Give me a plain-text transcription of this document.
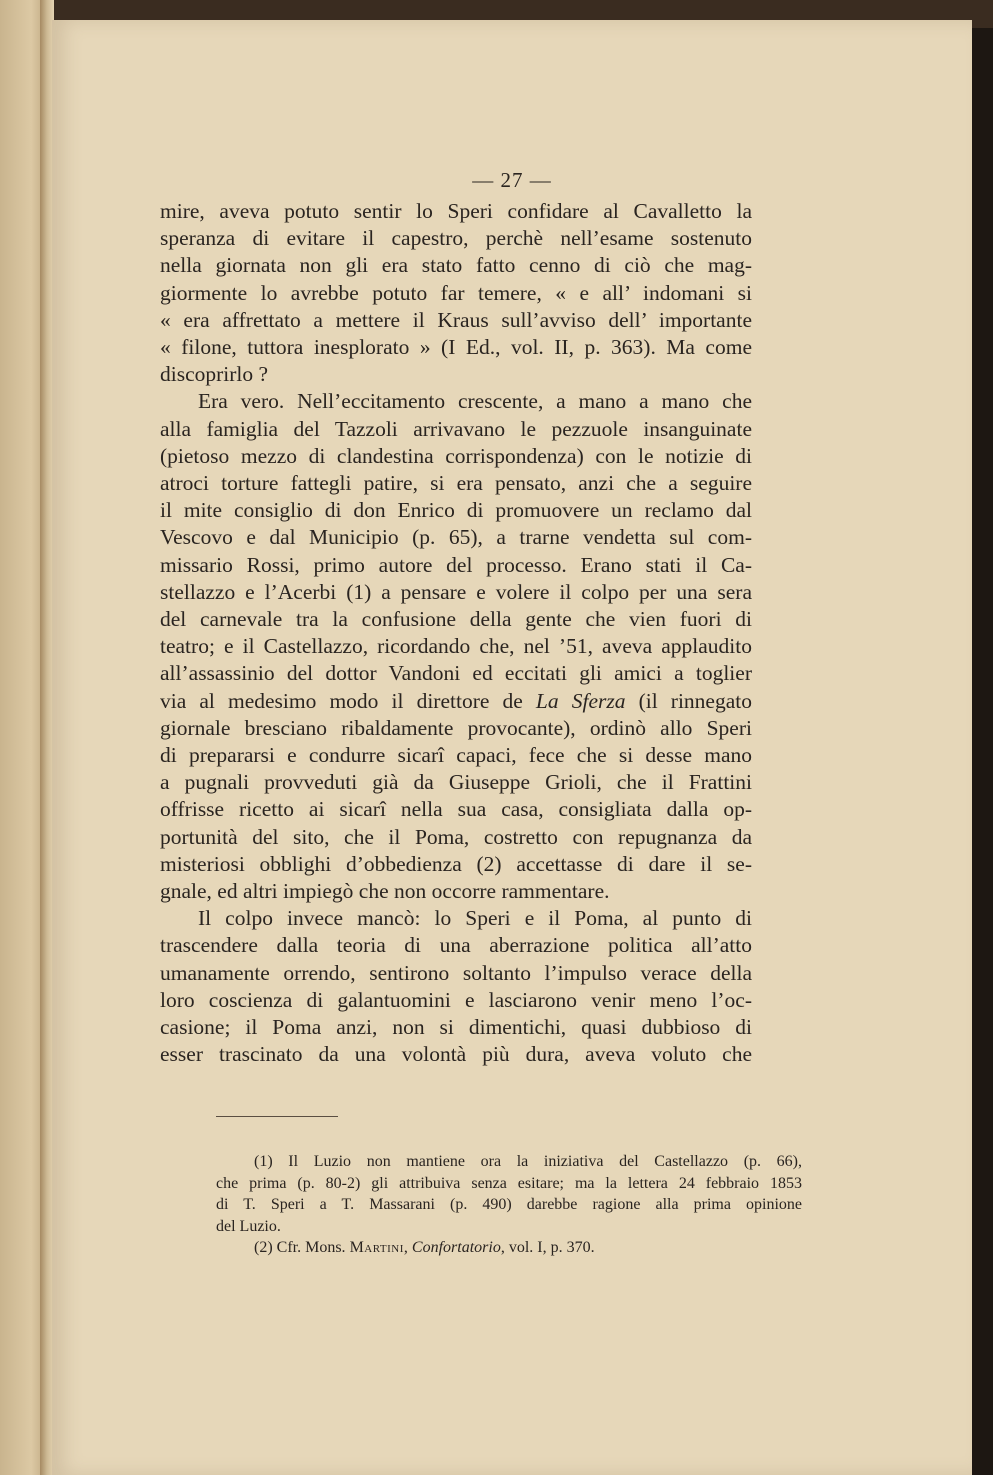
— 27 —
mire, aveva potuto sentir lo Speri confidare al Cavalletto la
speranza di evitare il capestro, perchè nell’esame sostenuto
nella giornata non gli era stato fatto cenno di ciò che mag-
giormente lo avrebbe potuto far temere, « e all’ indomani si
« era affrettato a mettere il Kraus sull’avviso dell’ importante
« filone, tuttora inesplorato » (I Ed., vol. II, p. 363). Ma come
discoprirlo ?
Era vero. Nell’eccitamento crescente, a mano a mano che
alla famiglia del Tazzoli arrivavano le pezzuole insanguinate
(pietoso mezzo di clandestina corrispondenza) con le notizie di
atroci torture fattegli patire, si era pensato, anzi che a seguire
il mite consiglio di don Enrico di promuovere un reclamo dal
Vescovo e dal Municipio (p. 65), a trarne vendetta sul com-
missario Rossi, primo autore del processo. Erano stati il Ca-
stellazzo e l’Acerbi (1) a pensare e volere il colpo per una sera
del carnevale tra la confusione della gente che vien fuori di
teatro; e il Castellazzo, ricordando che, nel ’51, aveva applaudito
all’assassinio del dottor Vandoni ed eccitati gli amici a toglier
via al medesimo modo il direttore de La Sferza (il rinnegato
giornale bresciano ribaldamente provocante), ordinò allo Speri
di prepararsi e condurre sicarî capaci, fece che si desse mano
a pugnali provveduti già da Giuseppe Grioli, che il Frattini
offrisse ricetto ai sicarî nella sua casa, consigliata dalla op-
portunità del sito, che il Poma, costretto con repugnanza da
misteriosi obblighi d’obbedienza (2) accettasse di dare il se-
gnale, ed altri impiegò che non occorre rammentare.
Il colpo invece mancò: lo Speri e il Poma, al punto di
trascendere dalla teoria di una aberrazione politica all’atto
umanamente orrendo, sentirono soltanto l’impulso verace della
loro coscienza di galantuomini e lasciarono venir meno l’oc-
casione; il Poma anzi, non si dimentichi, quasi dubbioso di
esser trascinato da una volontà più dura, aveva voluto che
(1) Il Luzio non mantiene ora la iniziativa del Castellazzo (p. 66),
che prima (p. 80-2) gli attribuiva senza esitare; ma la lettera 24 febbraio 1853
di T. Speri a T. Massarani (p. 490) darebbe ragione alla prima opinione
del Luzio.
(2) Cfr. Mons. Martini, Confortatorio, vol. I, p. 370.
